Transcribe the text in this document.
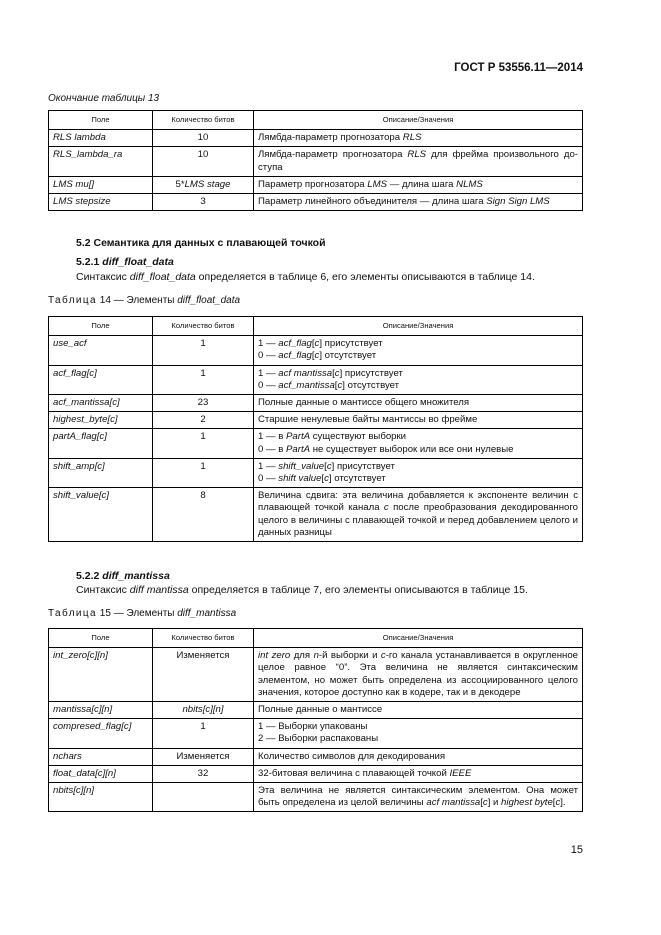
ГОСТ Р 53556.11—2014
Окончание таблицы 13
Поле	Количество битов	Описание/Значения
RLS lambda	10	Лямбда-параметр прогнозатора RLS
RLS_lambda_ra	10	Лямбда-параметр прогнозатора RLS для фрейма произвольного доступа
LMS mu[]	5*LMS stage	Параметр прогнозатора LMS — длина шага NLMS
LMS stepsize	3	Параметр линейного объединителя — длина шага Sign Sign LMS
5.2 Семантика для данных с плавающей точкой
5.2.1 diff_float_data
Синтаксис diff_float_data определяется в таблице 6, его элементы описываются в таблице 14.
Таблица 14 — Элементы diff_float_data
Поле	Количество битов	Описание/Значения
use_acf	1	1 — acf_flag[c] присутствует
0 — acf_flag[c] отсутствует
acf_flag[c]	1	1 — acf mantissa[c] присутствует
0 — acf_mantissa[c] отсутствует
acf_mantissa[c]	23	Полные данные о мантиссе общего множителя
highest_byte[c]	2	Старшие ненулевые байты мантиссы во фрейме
partA_flag[c]	1	1 — в PartA существуют выборки
0 — в PartA не существует выборок или все они нулевые
shift_amp[c]	1	1 — shift_value[c] присутствует
0 — shift value[c] отсутствует
shift_value[c]	8	Величина сдвига: эта величина добавляется к экспоненте величин с плавающей точкой канала с после преобразования декодированного целого в величины с плавающей точкой и перед добавлением целого и данных разницы
5.2.2 diff_mantissa
Синтаксис diff mantissa определяется в таблице 7, его элементы описываются в таблице 15.
Таблица 15 — Элементы diff_mantissa
Поле	Количество битов	Описание/Значения
int_zero[c][n]	Изменяется	int zero для n-й выборки и с-го канала устанавливается в округленное целое равное “0”. Эта величина не является синтаксическим элементом, но может быть определена из ассоциированного целого значения, которое доступно как в кодере, так и в декодере
mantissa[c][n]	nbits[c][n]	Полные данные о мантиссе
compresed_flag[c]	1	1 — Выборки упакованы
2 — Выборки распакованы
nchars	Изменяется	Количество символов для декодирования
float_data[c][n]	32	32-битовая величина с плавающей точкой IEEE
nbits[c][n]		Эта величина не является синтаксическим элементом. Она может быть определена из целой величины acf mantissa[c] и highest byte[c].
15
